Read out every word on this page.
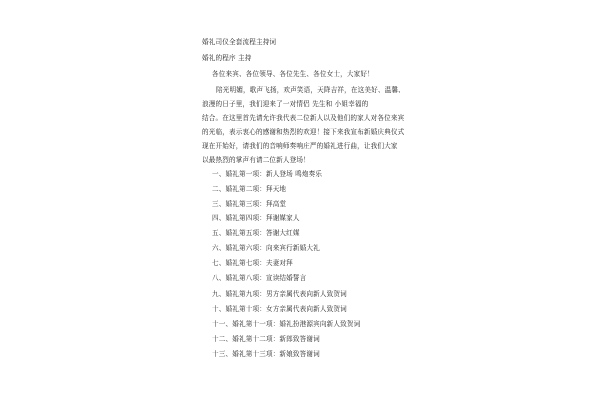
婚礼司仪全套流程主持词
婚礼的程序 主持
各位来宾、各位领导、各位先生、各位女士，大家好！
陪光明媚，歌声飞扬，欢声笑语，天降吉祥，在这美好、温馨、
浪漫的日子里，我们迎来了一对情侣 先生和 小姐幸福的
结合。在这里首先请允许我代表二位新人以及他们的家人对各位来宾
的光临，表示衷心的感谢和热烈的欢迎！接下来我宣布新婚庆典仪式
现在开始好，请我们的音响师奏响庄严的婚礼进行曲，让我们大家
以最热烈的掌声有请二位新人登场！
一、婚礼第一项：新人登场 鸣炮奏乐
二、婚礼第二项：拜天地
三、婚礼第三项：拜高堂
四、婚礼第四项：拜谢媒家人
五、婚礼第五项：答谢大红媒
六、婚礼第六项：向来宾行新婚大礼
七、婚礼第七项：夫妻对拜
八、婚礼第八项：宣读结婚誓言
九、婚礼第九项：男方亲属代表向新人致贺词
十、婚礼第十项：女方亲属代表向新人致贺词
十一、婚礼第十一项：婚礼扮港源宾向新人致贺词
十二、婚礼第十二项：新郎致答谢词
十三、婚礼第十三项：新娘致答谢词
